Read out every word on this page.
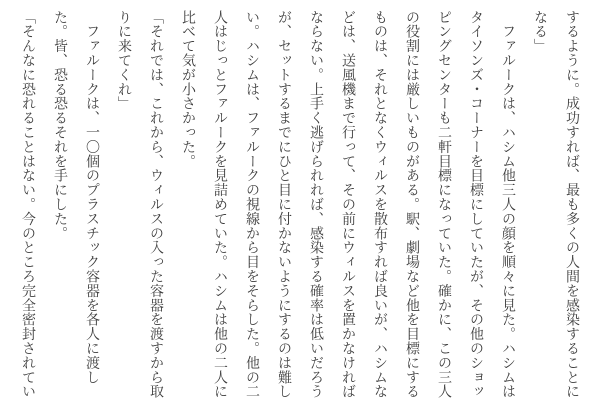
するように。成功すれば、最も多くの人間を感染することに
なる」
　ファルークは、ハシム他三人の顔を順々に見た。ハシムは
タイソンズ・コーナーを目標にしていたが、その他のショッ
ピングセンターも二軒目標になっていた。確かに、この三人
の役割には厳しいものがある。駅、劇場など他を目標にする
ものは、それとなくウィルスを散布すれば良いが、ハシムな
どは、送風機まで行って、その前にウィルスを置かなければ
ならない。上手く逃げられれば、感染する確率は低いだろう
が、セットするまでにひと目に付かないようにするのは難し
い。ハシムは、ファルークの視線から目をそらした。他の二
人はじっとファルークを見詰めていた。ハシムは他の二人に
比べて気が小さかった。
「それでは、これから、ウィルスの入った容器を渡すから取
りに来てくれ」
　ファルークは、一〇個のプラスチック容器を各人に渡し
た。皆、恐る恐るそれを手にした。
「そんなに恐れることはない。今のところ完全密封されてい
